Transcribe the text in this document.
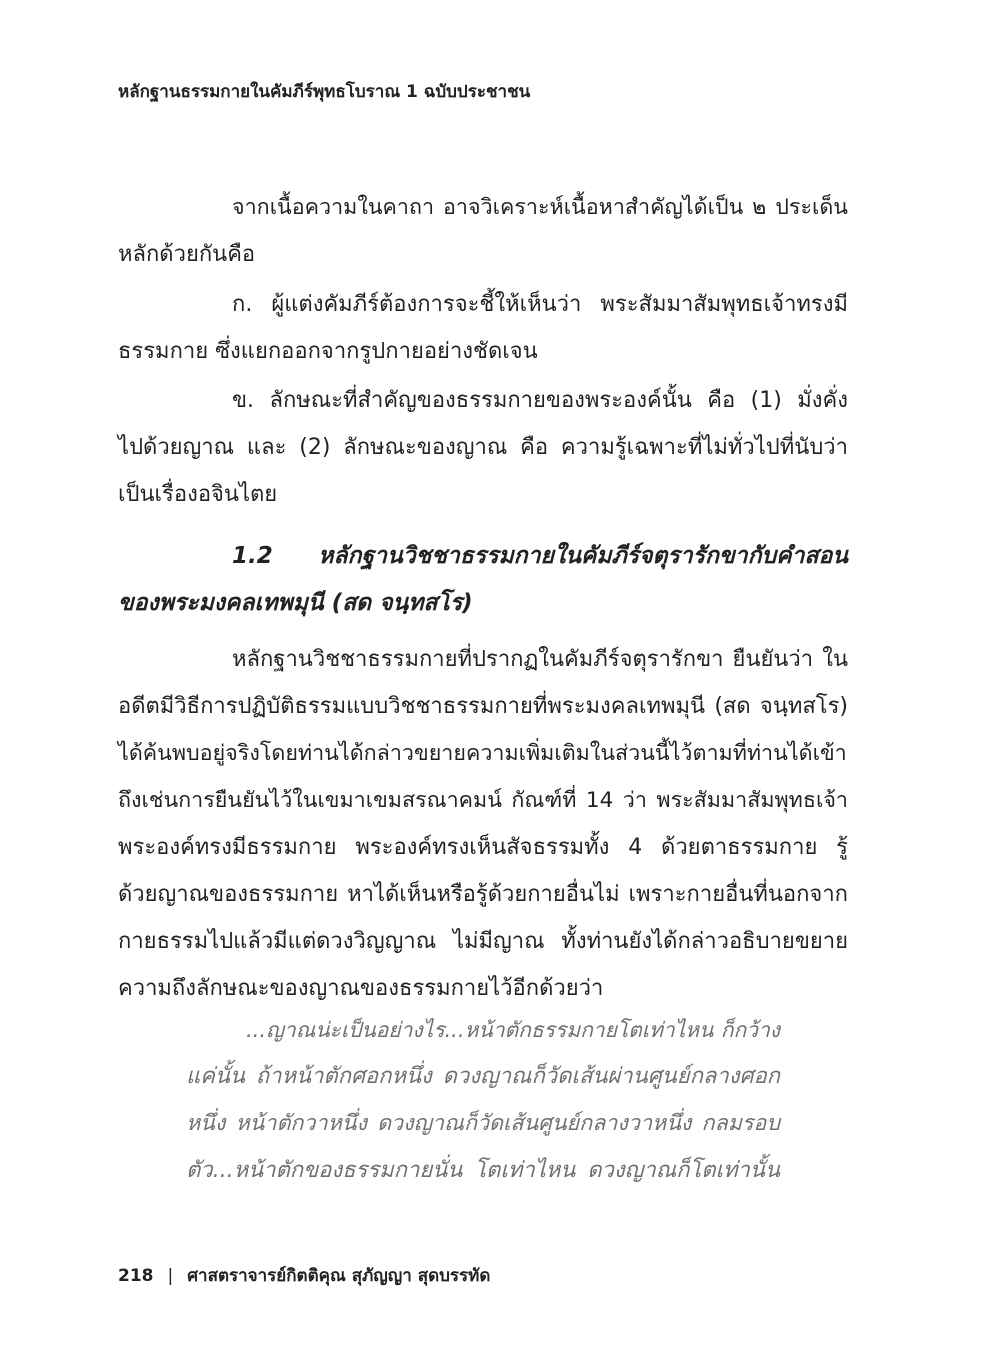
หลักฐานธรรมกายในคัมภีร์พุทธโบราณ 1 ฉบับประชาชน
จากเนื้อความในคาถา อาจวิเคราะห์เนื้อหาสำคัญได้เป็น ๒ ประเด็น
หลักด้วยกันคือ
ก. ผู้แต่งคัมภีร์ต้องการจะชี้ให้เห็นว่า พระสัมมาสัมพุทธเจ้าทรงมี
ธรรมกาย ซึ่งแยกออกจากรูปกายอย่างชัดเจน
ข. ลักษณะที่สำคัญของธรรมกายของพระองค์นั้น คือ (1) มั่งคั่ง
ไปด้วยญาณ และ (2) ลักษณะของญาณ คือ ความรู้เฉพาะที่ไม่ทั่วไปที่นับว่า
เป็นเรื่องอจินไตย
1.2 หลักฐานวิชชาธรรมกายในคัมภีร์จตุรารักขากับคำสอน
ของพระมงคลเทพมุนี (สด จนฺทสโร)
หลักฐานวิชชาธรรมกายที่ปรากฏในคัมภีร์จตุรารักขา ยืนยันว่า ใน
อดีตมีวิธีการปฏิบัติธรรมแบบวิชชาธรรมกายที่พระมงคลเทพมุนี (สด จนฺทสโร)
ได้ค้นพบอยู่จริงโดยท่านได้กล่าวขยายความเพิ่มเติมในส่วนนี้ไว้ตามที่ท่านได้เข้า
ถึงเช่นการยืนยันไว้ในเขมาเขมสรณาคมน์ กัณฑ์ที่ 14 ว่า พระสัมมาสัมพุทธเจ้า
พระองค์ทรงมีธรรมกาย พระองค์ทรงเห็นสัจธรรมทั้ง 4 ด้วยตาธรรมกาย รู้
ด้วยญาณของธรรมกาย หาได้เห็นหรือรู้ด้วยกายอื่นไม่ เพราะกายอื่นที่นอกจาก
กายธรรมไปแล้วมีแต่ดวงวิญญาณ ไม่มีญาณ ทั้งท่านยังได้กล่าวอธิบายขยาย
ความถึงลักษณะของญาณของธรรมกายไว้อีกด้วยว่า
...ญาณน่ะเป็นอย่างไร...หน้าตักธรรมกายโตเท่าไหน ก็กว้าง
แค่นั้น ถ้าหน้าตักศอกหนึ่ง ดวงญาณก็วัดเส้นผ่านศูนย์กลางศอก
หนึ่ง หน้าตักวาหนึ่ง ดวงญาณก็วัดเส้นศูนย์กลางวาหนึ่ง กลมรอบ
ตัว...หน้าตักของธรรมกายนั่น โตเท่าไหน ดวงญาณก็โตเท่านั้น
218 | ศาสตราจารย์กิตติคุณ สุภัญญา สุดบรรทัด
